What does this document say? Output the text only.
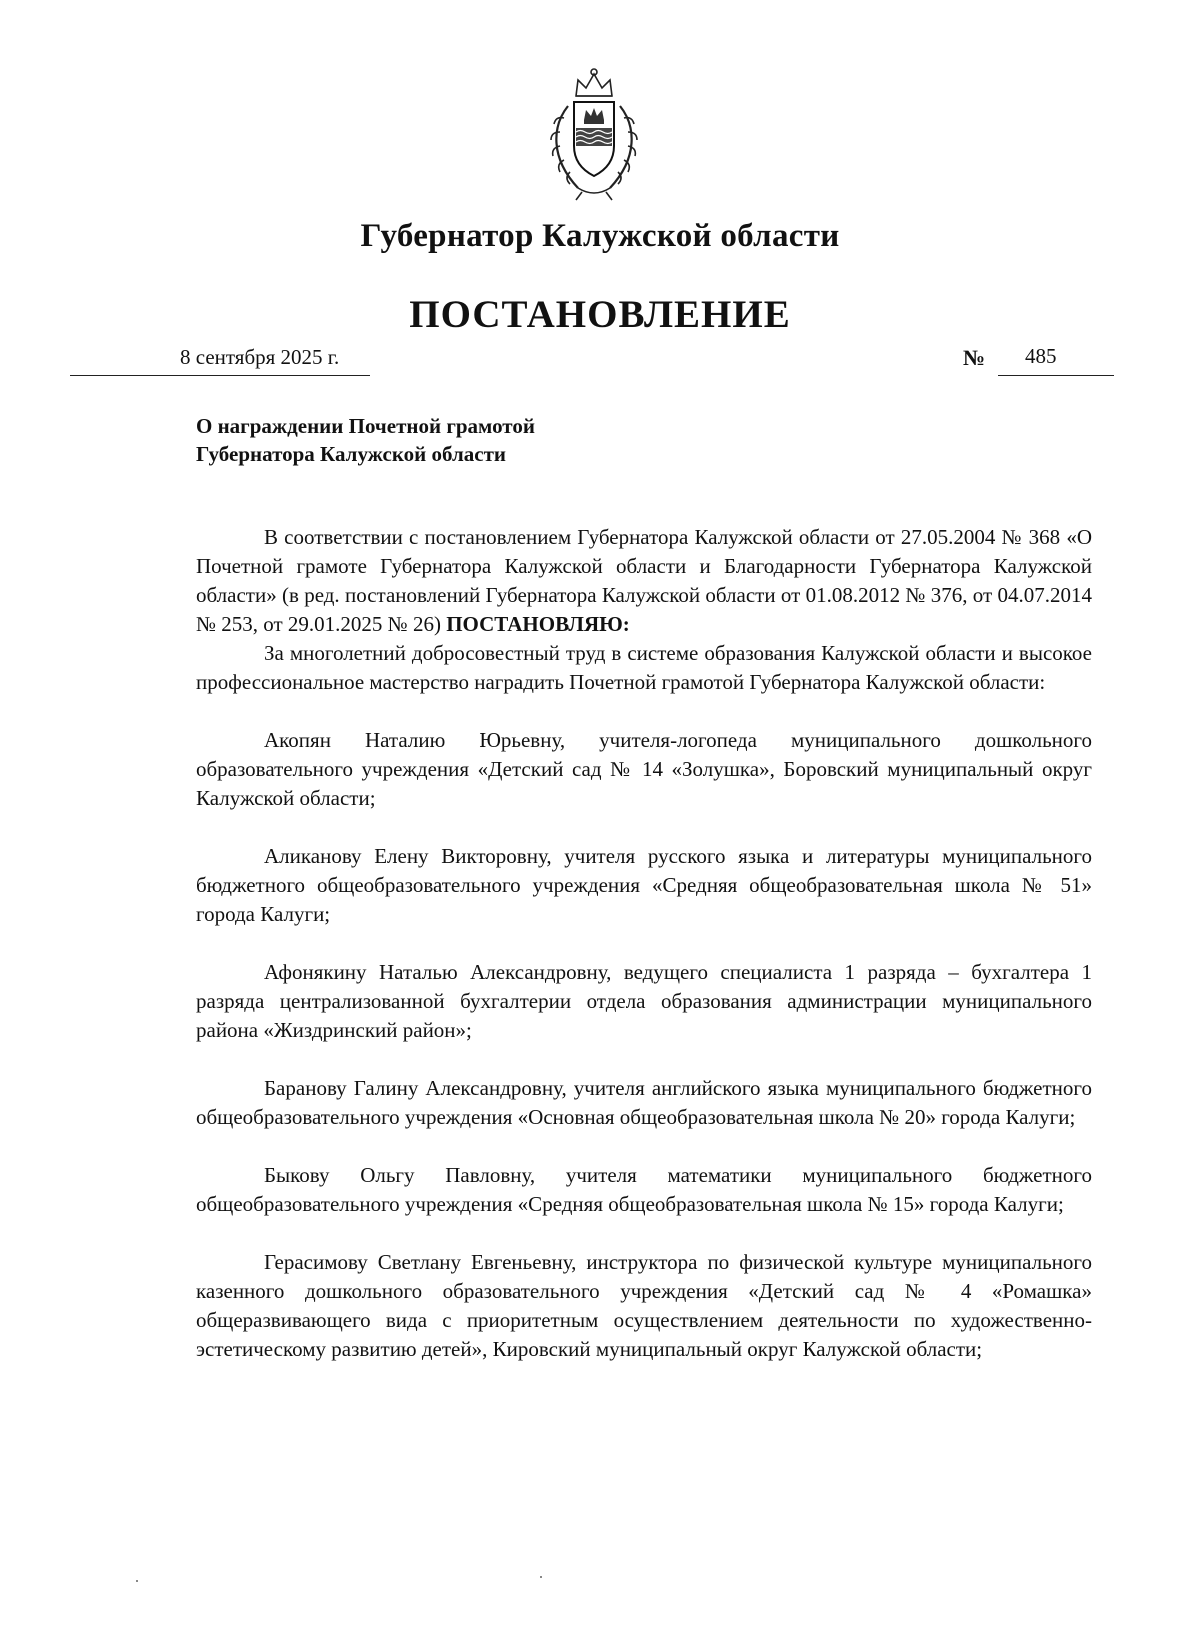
Губернатор Калужской области
ПОСТАНОВЛЕНИЕ
8 сентября 2025 г.	№ 485
О награждении Почетной грамотой
Губернатора Калужской области

В соответствии с постановлением Губернатора Калужской области от 27.05.2004 № 368 «О Почетной грамоте Губернатора Калужской области и Благодарности Губернатора Калужской области» (в ред. постановлений Губернатора Калужской области от 01.08.2012 № 376, от 04.07.2014 № 253, от 29.01.2025 № 26) ПОСТАНОВЛЯЮ:

За многолетний добросовестный труд в системе образования Калужской области и высокое профессиональное мастерство наградить Почетной грамотой Губернатора Калужской области:

Акопян Наталию Юрьевну, учителя-логопеда муниципального дошкольного образовательного учреждения «Детский сад № 14 «Золушка», Боровский муниципальный округ Калужской области;

Аликанову Елену Викторовну, учителя русского языка и литературы муниципального бюджетного общеобразовательного учреждения «Средняя общеобразовательная школа № 51» города Калуги;

Афонякину Наталью Александровну, ведущего специалиста 1 разряда – бухгалтера 1 разряда централизованной бухгалтерии отдела образования администрации муниципального района «Жиздринский район»;

Баранову Галину Александровну, учителя английского языка муниципального бюджетного общеобразовательного учреждения «Основная общеобразовательная школа № 20» города Калуги;

Быкову Ольгу Павловну, учителя математики муниципального бюджетного общеобразовательного учреждения «Средняя общеобразовательная школа № 15» города Калуги;

Герасимову Светлану Евгеньевну, инструктора по физической культуре муниципального казенного дошкольного образовательного учреждения «Детский сад № 4 «Ромашка» общеразвивающего вида с приоритетным осуществлением деятельности по художественно-эстетическому развитию детей», Кировский муниципальный округ Калужской области;
